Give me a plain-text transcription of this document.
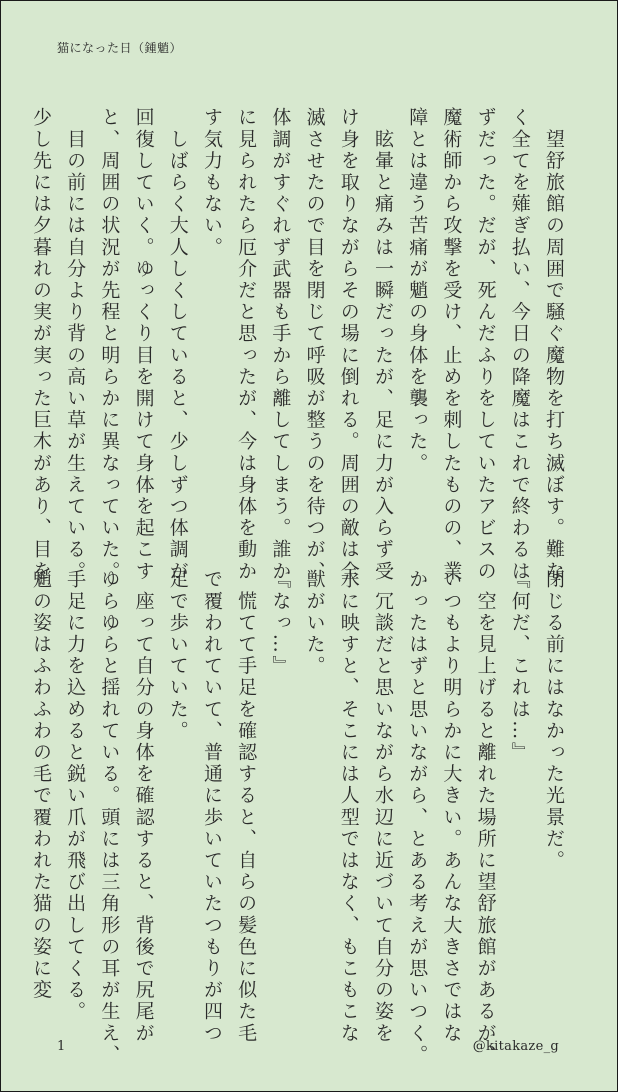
猫になった日（鍾魈）
　望舒旅館の周囲で騒ぐ魔物を打ち滅ぼす。難な
く全てを薙ぎ払い、今日の降魔はこれで終わるは
ずだった。だが、死んだふりをしていたアビスの
魔術師から攻撃を受け、止めを刺したものの、業
障とは違う苦痛が魈の身体を襲った。
　眩暈と痛みは一瞬だったが、足に力が入らず受
け身を取りながらその場に倒れる。周囲の敵は全
滅させたので目を閉じて呼吸が整うのを待つが、
体調がすぐれず武器も手から離してしまう。誰か
に見られたら厄介だと思ったが、今は身体を動か
す気力もない。
　しばらく大人しくしていると、少しずつ体調が
回復していく。ゆっくり目を開けて身体を起こす
と、周囲の状況が先程と明らかに異なっていた。
　目の前には自分より背の高い草が生えている。
少し先には夕暮れの実が実った巨木があり、目を
閉じる前にはなかった光景だ。
『何だ、これは…』
　空を見上げると離れた場所に望舒旅館があるが、
いつもより明らかに大きい。あんな大きさではな
かったはずと思いながら、とある考えが思いつく。
　冗談だと思いながら水辺に近づいて自分の姿を
水に映すと、そこには人型ではなく、もこもこな
獣がいた。
『なっ…』
　慌てて手足を確認すると、自らの髪色に似た毛
で覆われていて、普通に歩いていたつもりが四つ
足で歩いていた。
　座って自分の身体を確認すると、背後で尻尾が
ゆらゆらと揺れている。頭には三角形の耳が生え、
手足に力を込めると鋭い爪が飛び出してくる。
魈の姿はふわふわの毛で覆われた猫の姿に変
1	@kitakaze_g
